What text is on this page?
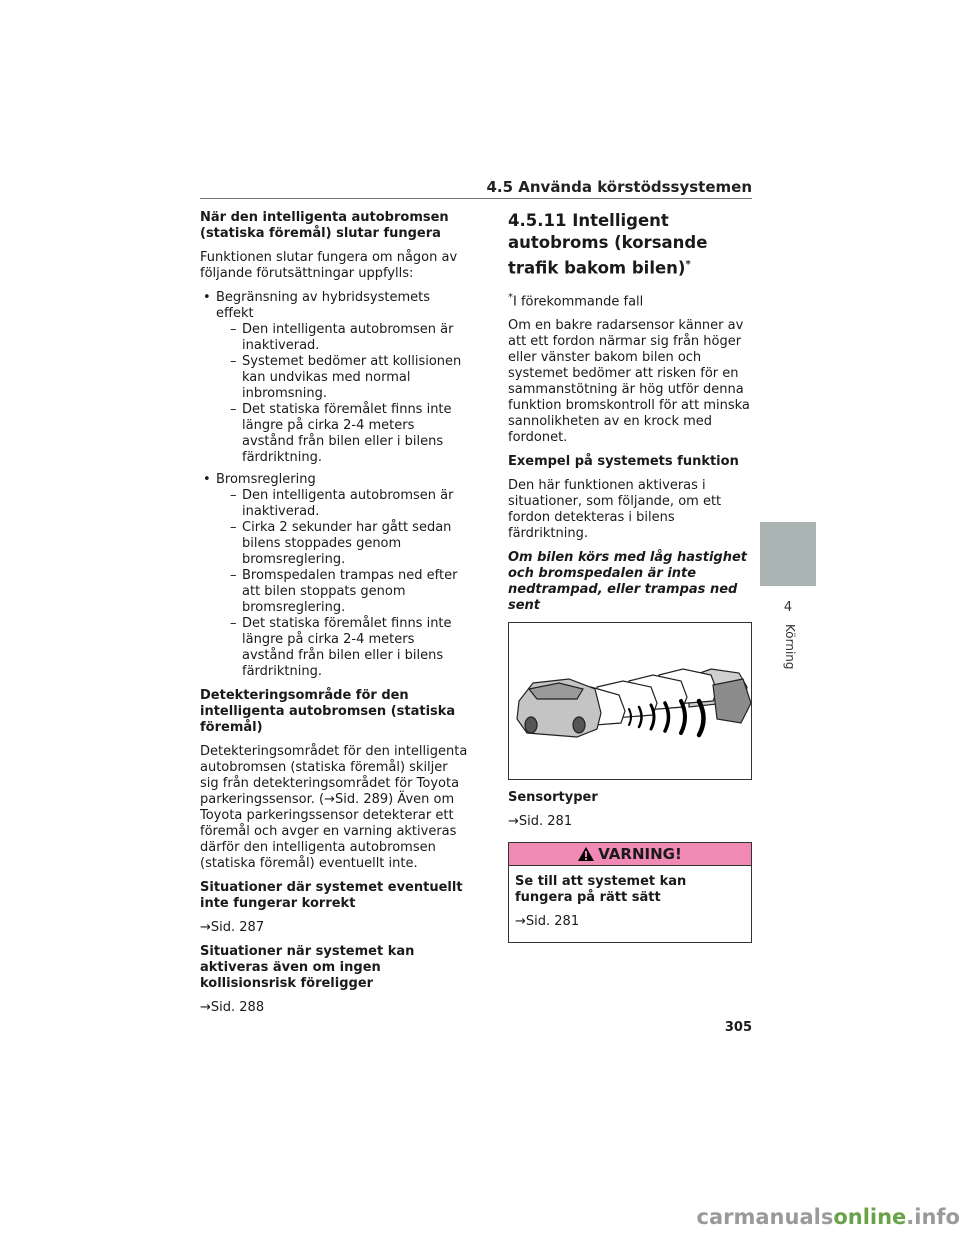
4.5 Använda körstödssystemen

När den intelligenta autobromsen (statiska föremål) slutar fungera

Funktionen slutar fungera om någon av följande förutsättningar uppfylls:

• Begränsning av hybridsystemets effekt
– Den intelligenta autobromsen är inaktiverad.
– Systemet bedömer att kollisionen kan undvikas med normal inbromsning.
– Det statiska föremålet finns inte längre på cirka 2-4 meters avstånd från bilen eller i bilens färdriktning.
• Bromsreglering
– Den intelligenta autobromsen är inaktiverad.
– Cirka 2 sekunder har gått sedan bilens stoppades genom bromsreglering.
– Bromspedalen trampas ned efter att bilen stoppats genom bromsreglering.
– Det statiska föremålet finns inte längre på cirka 2-4 meters avstånd från bilen eller i bilens färdriktning.

Detekteringsområde för den intelligenta autobromsen (statiska föremål)

Detekteringsområdet för den intelligenta autobromsen (statiska föremål) skiljer sig från detekteringsområdet för Toyota parkeringssensor. (→Sid. 289) Även om Toyota parkeringssensor detekterar ett föremål och avger en varning aktiveras därför den intelligenta autobromsen (statiska föremål) eventuellt inte.

Situationer där systemet eventuellt inte fungerar korrekt

→Sid. 287

Situationer när systemet kan aktiveras även om ingen kollisionsrisk föreligger

→Sid. 288

4.5.11 Intelligent autobroms (korsande trafik bakom bilen)*

*I förekommande fall

Om en bakre radarsensor känner av att ett fordon närmar sig från höger eller vänster bakom bilen och systemet bedömer att risken för en sammanstötning är hög utför denna funktion bromskontroll för att minska sannolikheten av en krock med fordonet.

Exempel på systemets funktion

Den här funktionen aktiveras i situationer, som följande, om ett fordon detekteras i bilens färdriktning.

Om bilen körs med låg hastighet och bromspedalen är inte nedtrampad, eller trampas ned sent

Sensortyper

→Sid. 281

VARNING!

Se till att systemet kan fungera på rätt sätt

→Sid. 281

4
Körning
305
carmanualsonline.info
